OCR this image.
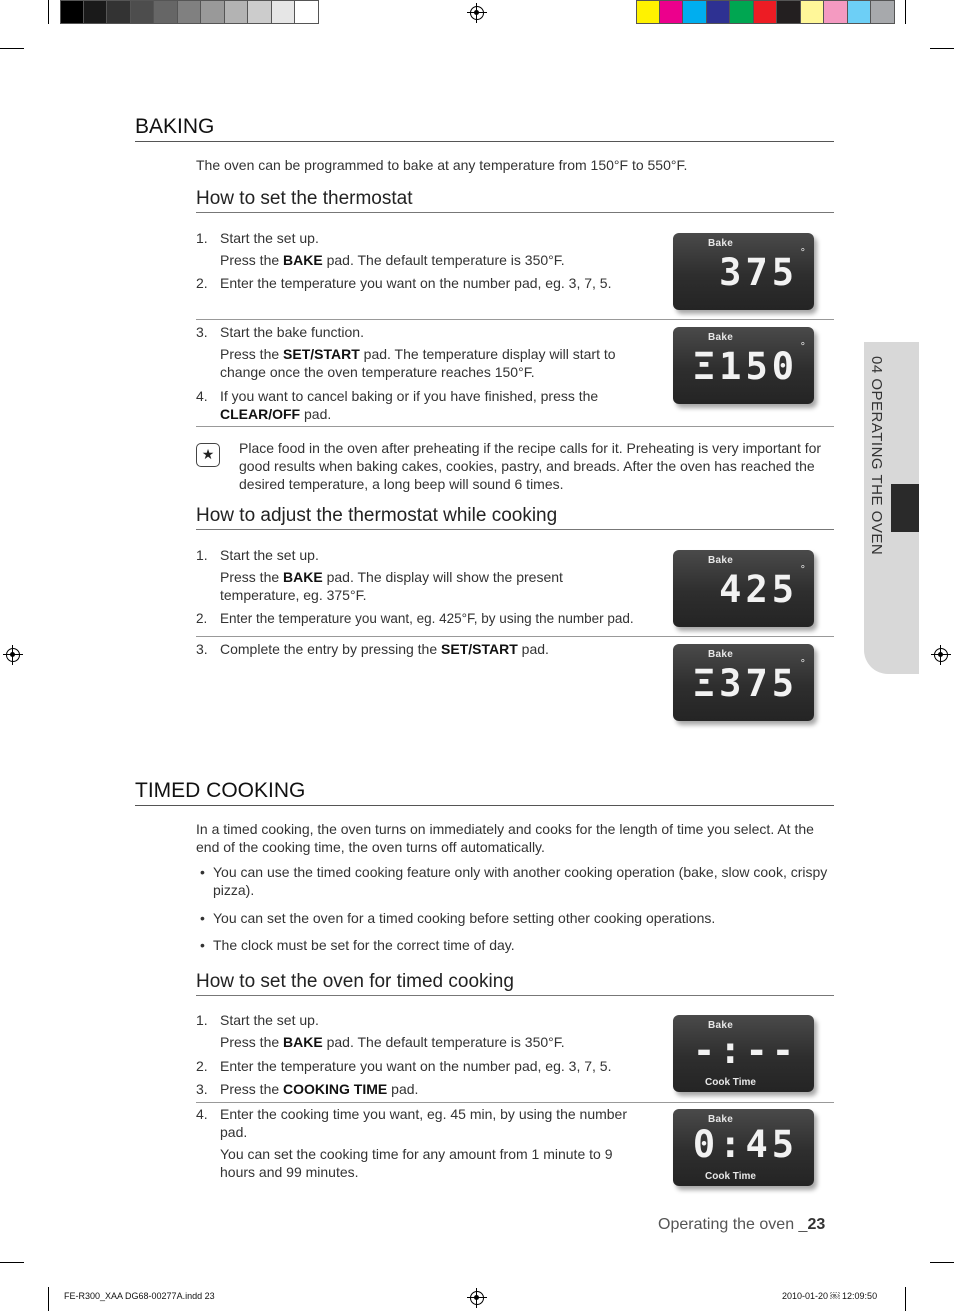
04 OPERATING THE OVEN
BAKING
The oven can be programmed to bake at any temperature from 150°F to 550°F.
How to set the thermostat
1. Start the set up.
Press the BAKE pad. The default temperature is 350°F.
2. Enter the temperature you want on the number pad, eg. 3, 7, 5.
3. Start the bake function.
Press the SET/START pad. The temperature display will start to change once the oven temperature reaches 150°F.
4. If you want to cancel baking or if you have finished, press the CLEAR/OFF pad.
★	Place food in the oven after preheating if the recipe calls for it. Preheating is very important for good results when baking cakes, cookies, pastry, and breads. After the oven has reached the desired temperature, a long beep will sound 6 times.
How to adjust the thermostat while cooking
1. Start the set up.
Press the BAKE pad. The display will show the present temperature, eg. 375°F.
2. Enter the temperature you want, eg. 425°F, by using the number pad.
3. Complete the entry by pressing the SET/START pad.
TIMED COOKING
In a timed cooking, the oven turns on immediately and cooks for the length of time you select. At the end of the cooking time, the oven turns off automatically.
• You can use the timed cooking feature only with another cooking operation (bake, slow cook, crispy pizza).
• You can set the oven for a timed cooking before setting other cooking operations.
• The clock must be set for the correct time of day.
How to set the oven for timed cooking
1. Start the set up.
Press the BAKE pad. The default temperature is 350°F.
2. Enter the temperature you want on the number pad, eg. 3, 7, 5.
3. Press the COOKING TIME pad.
4. Enter the cooking time you want, eg. 45 min, by using the number pad.
You can set the cooking time for any amount from 1 minute to 9 hours and 99 minutes.
Bake
375 °
Bake
Ξ150 °
Bake
425 °
Bake
Ξ375 °
Bake
-:--
Cook Time
Bake
0:45
Cook Time
Operating the oven _23
FE-R300_XAA DG68-00277A.indd 23	2010-01-20 ￼ 12:09:50
